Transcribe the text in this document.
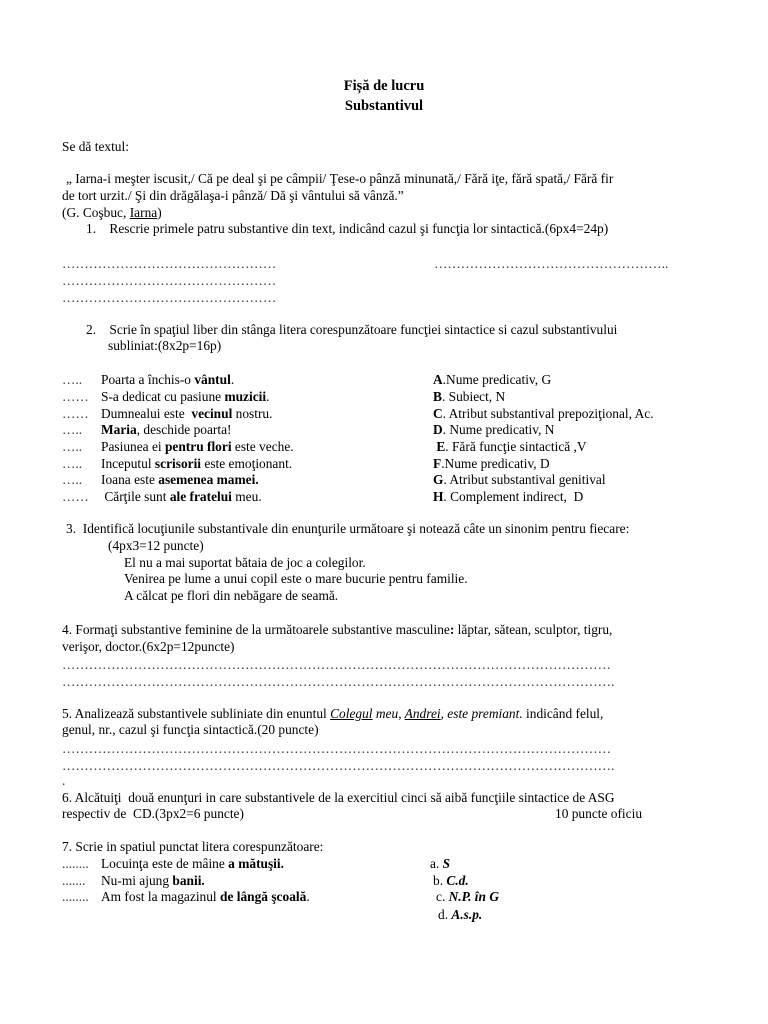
Fișă de lucru
Substantivul
Se dă textul:
„ Iarna-i meşter iscusit,/ Că pe deal şi pe câmpii/ Ţese-o pânză minunată,/ Fără iţe, fără spată,/ Fără fir
de tort urzit./ Şi din drăgălaşa-i pânză/ Dă şi vântului să vânză.”
(G. Coşbuc, Iarna)
1.    Rescrie primele patru substantive din text, indicând cazul şi funcţia lor sintactică.(6px4=24p)
…………………………………………	……………………………………………..
…………………………………………
…………………………………………
2.    Scrie în spaţiul liber din stânga litera corespunzătoare funcţiei sintactice si cazul substantivului
subliniat:(8x2p=16p)
….. Poarta a închis-o vântul.	A.Nume predicativ, G
…… S-a dedicat cu pasiune muzicii.	B. Subiect, N
…… Dumnealui este  vecinul nostru.	C. Atribut substantival prepoziţional, Ac.
….. Maria, deschide poarta!	D. Nume predicativ, N
….. Pasiunea ei pentru flori este veche.	E. Fără funcţie sintactică ,V
….. Inceputul scrisorii este emoţionant.	F.Nume predicativ, D
….. Ioana este asemenea mamei.	G. Atribut substantival genitival
…… Cărţile sunt ale fratelui meu.	H. Complement indirect,  D
3.  Identifică locuţiunile substantivale din enunţurile următoare şi notează câte un sinonim pentru fiecare:
(4px3=12 puncte)
El nu a mai suportat bătaia de joc a colegilor.
Venirea pe lume a unui copil este o mare bucurie pentru familie.
A călcat pe flori din nebăgare de seamă.
4. Formaţi substantive feminine de la următoarele substantive masculine: lăptar, sătean, sculptor, tigru,
verişor, doctor.(6x2p=12puncte)
……………………………………………………………………………………………………………
…………………………………………………………………………………………………………….
5. Analizează substantivele subliniate din enuntul Colegul meu, Andrei, este premiant. indicând felul,
genul, nr., cazul şi funcţia sintactică.(20 puncte)
……………………………………………………………………………………………………………
…………………………………………………………………………………………………………….
.
6. Alcătuiţi  două enunţuri in care substantivele de la exercitiul cinci să aibă funcţiile sintactice de ASG
respectiv de  CD.(3px2=6 puncte)	10 puncte oficiu
7. Scrie in spatiul punctat litera corespunzătoare:
........ Locuinţa este de mâine a mătuşii.	a. S
....... Nu-mi ajung banii.	b. C.d.
........ Am fost la magazinul de lângă şcoală.	c. N.P. în G
d. A.s.p.
